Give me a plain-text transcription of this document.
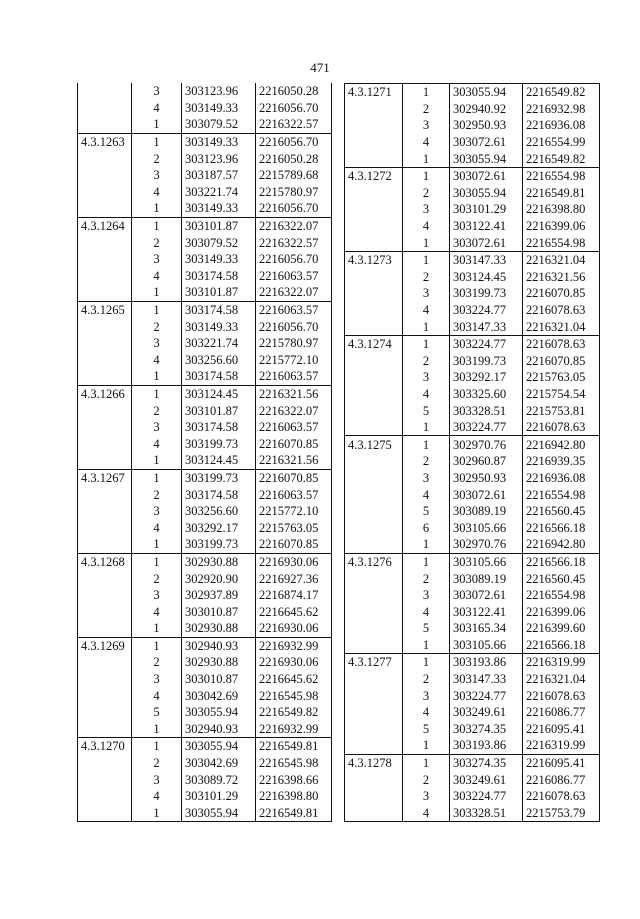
471
	3	303123.96	2216050.28
	4	303149.33	2216056.70
	1	303079.52	2216322.57
4.3.1263	1	303149.33	2216056.70
	2	303123.96	2216050.28
	3	303187.57	2215789.68
	4	303221.74	2215780.97
	1	303149.33	2216056.70
4.3.1264	1	303101.87	2216322.07
	2	303079.52	2216322.57
	3	303149.33	2216056.70
	4	303174.58	2216063.57
	1	303101.87	2216322.07
4.3.1265	1	303174.58	2216063.57
	2	303149.33	2216056.70
	3	303221.74	2215780.97
	4	303256.60	2215772.10
	1	303174.58	2216063.57
4.3.1266	1	303124.45	2216321.56
	2	303101.87	2216322.07
	3	303174.58	2216063.57
	4	303199.73	2216070.85
	1	303124.45	2216321.56
4.3.1267	1	303199.73	2216070.85
	2	303174.58	2216063.57
	3	303256.60	2215772.10
	4	303292.17	2215763.05
	1	303199.73	2216070.85
4.3.1268	1	302930.88	2216930.06
	2	302920.90	2216927.36
	3	302937.89	2216874.17
	4	303010.87	2216645.62
	1	302930.88	2216930.06
4.3.1269	1	302940.93	2216932.99
	2	302930.88	2216930.06
	3	303010.87	2216645.62
	4	303042.69	2216545.98
	5	303055.94	2216549.82
	1	302940.93	2216932.99
4.3.1270	1	303055.94	2216549.81
	2	303042.69	2216545.98
	3	303089.72	2216398.66
	4	303101.29	2216398.80
	1	303055.94	2216549.81
4.3.1271	1	303055.94	2216549.82
	2	302940.92	2216932.98
	3	302950.93	2216936.08
	4	303072.61	2216554.99
	1	303055.94	2216549.82
4.3.1272	1	303072.61	2216554.98
	2	303055.94	2216549.81
	3	303101.29	2216398.80
	4	303122.41	2216399.06
	1	303072.61	2216554.98
4.3.1273	1	303147.33	2216321.04
	2	303124.45	2216321.56
	3	303199.73	2216070.85
	4	303224.77	2216078.63
	1	303147.33	2216321.04
4.3.1274	1	303224.77	2216078.63
	2	303199.73	2216070.85
	3	303292.17	2215763.05
	4	303325.60	2215754.54
	5	303328.51	2215753.81
	1	303224.77	2216078.63
4.3.1275	1	302970.76	2216942.80
	2	302960.87	2216939.35
	3	302950.93	2216936.08
	4	303072.61	2216554.98
	5	303089.19	2216560.45
	6	303105.66	2216566.18
	1	302970.76	2216942.80
4.3.1276	1	303105.66	2216566.18
	2	303089.19	2216560.45
	3	303072.61	2216554.98
	4	303122.41	2216399.06
	5	303165.34	2216399.60
	1	303105.66	2216566.18
4.3.1277	1	303193.86	2216319.99
	2	303147.33	2216321.04
	3	303224.77	2216078.63
	4	303249.61	2216086.77
	5	303274.35	2216095.41
	1	303193.86	2216319.99
4.3.1278	1	303274.35	2216095.41
	2	303249.61	2216086.77
	3	303224.77	2216078.63
	4	303328.51	2215753.79
